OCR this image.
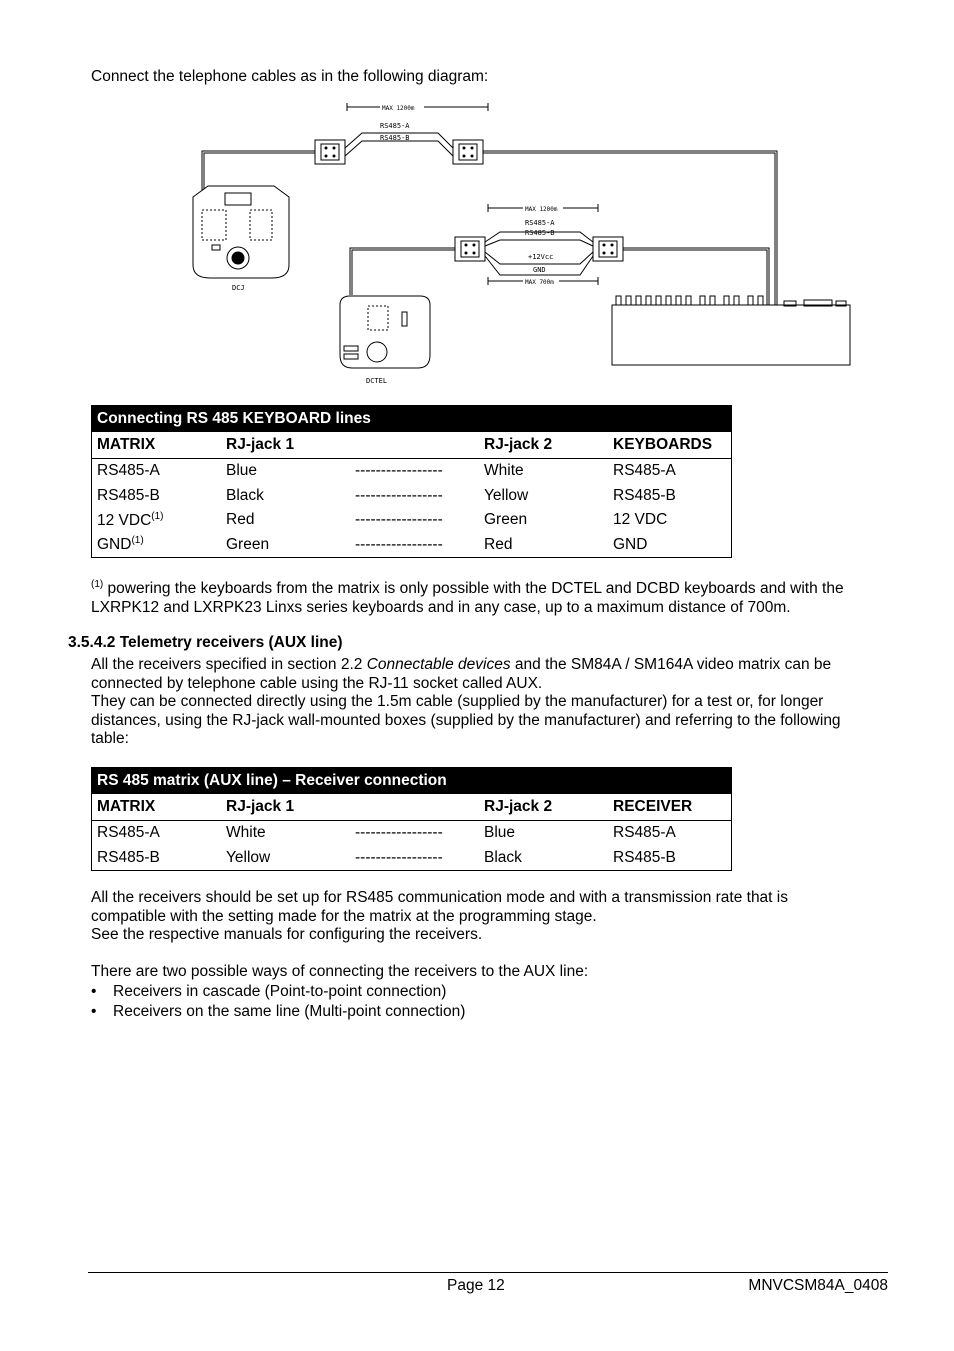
Connect the telephone cables as in the following diagram:

MAX 1200m
RS485-A
RS485-B
DCJ
MAX 1200m
RS485-A
RS485-B
+12Vcc
GND
MAX 700m
DCTEL
Connecting RS 485 KEYBOARD lines				
MATRIX	RJ-jack 1		RJ-jack 2	KEYBOARDS
RS485-A	Blue	-----------------	White	RS485-A
RS485-B	Black	-----------------	Yellow	RS485-B
12 VDC$^{(1)}$	Red	-----------------	Green	12 VDC
GND$^{(1)}$	Green	-----------------	Red	GND

$^{(1)}$ powering the keyboards from the matrix is only possible with the DCTEL and DCBD keyboards and with the

LXRPK12 and LXRPK23 Linxs series keyboards and in any case, up to a maximum distance of 700m.

3.5.4.2 Telemetry receivers (AUX line)

All the receivers specified in section 2.2 Connectable devices and the SM84A / SM164A video matrix can be

connected by telephone cable using the RJ-11 socket called AUX.

They can be connected directly using the 1.5m cable (supplied by the manufacturer) for a test or, for longer

distances, using the RJ-jack wall-mounted boxes (supplied by the manufacturer) and referring to the following

table:

RS 485 matrix (AUX line) – Receiver connection				
MATRIX	RJ-jack 1		RJ-jack 2	RECEIVER
RS485-A	White	-----------------	Blue	RS485-A
RS485-B	Yellow	-----------------	Black	RS485-B

All the receivers should be set up for RS485 communication mode and with a transmission rate that is

compatible with the setting made for the matrix at the programming stage.

See the respective manuals for configuring the receivers.

There are two possible ways of connecting the receivers to the AUX line:

• Receivers in cascade (Point-to-point connection)
• Receivers on the same line (Multi-point connection)

Page 12	MNVCSM84A_0408
